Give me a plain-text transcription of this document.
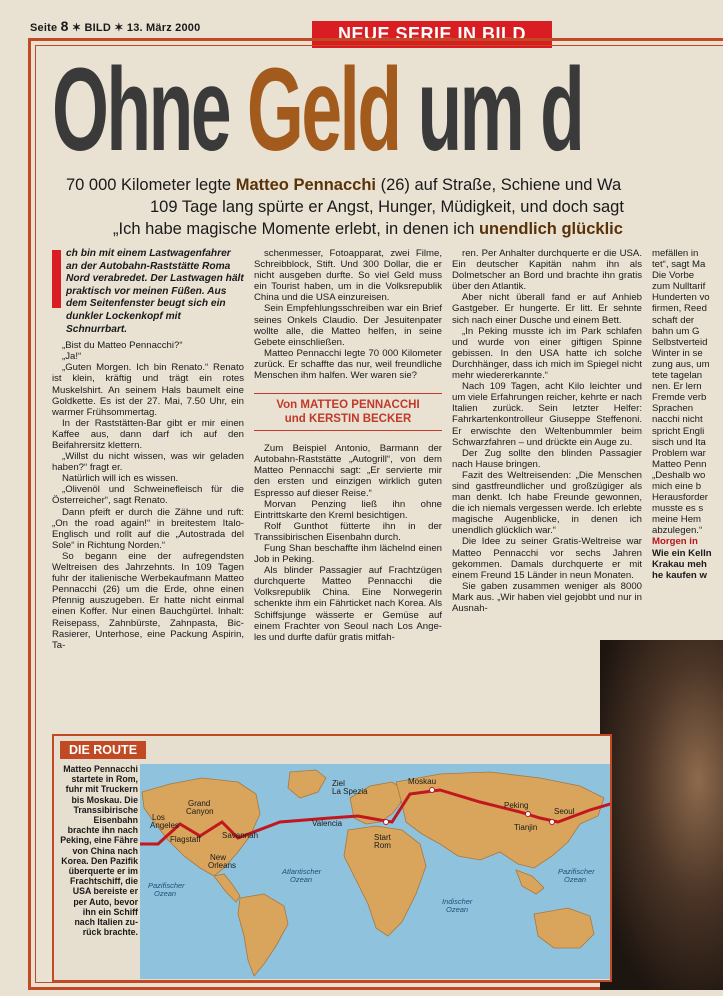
Seite 8 ✶ BILD ✶ 13. März 2000	NEUE SERIE IN BILD
Ohne Geld um d
70 000 Kilometer legte Matteo Pennacchi (26) auf Straße, Schiene und Wa
109 Tage lang spürte er Angst, Hunger, Müdigkeit, und doch sagt
„Ich habe magische Momente erlebt, in denen ich unendlich glücklic
ch bin mit einem Lastwagenfahrer an der Autobahn-Raststätte Roma Nord verabredet. Der Lastwagen hält praktisch vor meinen Füßen. Aus dem Seitenfenster beugt sich ein dunkler Lockenkopf mit Schnurrbart.

„Bist du Matteo Pennacchi?“

„Ja!“

„Guten Morgen. Ich bin Renato.“ Renato ist klein, kräftig und trägt ein rotes Muskelshirt. An seinem Hals baumelt eine Goldkette. Es ist der 27. Mai, 7.50 Uhr, ein warmer Frühsommertag.

In der Raststätten-Bar gibt er mir einen Kaffee aus, dann darf ich auf den Beifahrersitz klettern.

„Willst du nicht wissen, was wir geladen haben?“ fragt er.

Natürlich will ich es wissen.

„Olivenöl und Schweinefleisch für die Österreicher“, sagt Renato.

Dann pfeift er durch die Zähne und ruft: „On the road again!“ in breitestem Italo-Englisch und rollt auf die „Autostrada del Sole“ in Richtung Norden.“

So begann eine der aufregendsten Weltreisen des Jahrzehnts. In 109 Tagen fuhr der italienische Werbekaufmann Matteo Pennacchi (26) um die Erde, ohne einen Pfennig auszugeben. Er hatte nicht einmal einen Koffer. Nur einen Bauchgürtel. Inhalt: Reisepass, Zahnbürste, Zahnpasta, Bic-Rasierer, Unterhose, eine Packung Aspirin, Ta-

schenmesser, Fotoapparat, zwei Filme, Schreibblock, Stift. Und 300 Dollar, die er nicht ausgeben durfte. So viel Geld muss ein Tourist haben, um in die Volksrepublik China und die USA einzureisen.

Sein Empfehlungsschreiben war ein Brief seines Onkels Claudio. Der Jesuitenpater wollte alle, die Matteo helfen, in seine Gebete einschließen.

Matteo Pennacchi legte 70 000 Kilometer zurück. Er schaffte das nur, weil freundliche Menschen ihm halfen. Wer waren sie?

Von MATTEO PENNACCHI
und KERSTIN BECKER

Zum Beispiel Antonio, Barmann der Autobahn-Raststätte „Autogrill“, von dem Matteo Pennacchi sagt: „Er servierte mir den ersten und einzigen wirklich guten Espresso auf dieser Reise.“

Morvan Penzing ließ ihn ohne Eintrittskarte den Kreml besichtigen.

Rolf Gunthot fütterte ihn in der Transsibirischen Eisenbahn durch.

Fung Shan beschaffte ihm lächelnd einen Job in Peking.

Als blinder Passagier auf Frachtzügen durchquerte Matteo Pennacchi die Volksrepublik China. Eine Norwegerin schenkte ihm ein Fährticket nach Korea. Als Schiffsjunge wässerte er Gemüse auf einem Frachter von Seoul nach Los Angeles und durfte dafür gratis mitfah-

ren. Per Anhalter durchquerte er die USA. Ein deutscher Kapitän nahm ihn als Dolmetscher an Bord und brachte ihn gratis über den Atlantik.

Aber nicht überall fand er auf Anhieb Gastgeber. Er hungerte. Er litt. Er sehnte sich nach einer Dusche und einem Bett.

„In Peking musste ich im Park schlafen und wurde von einer giftigen Spinne gebissen. In den USA hatte ich solche Durchhänger, dass ich mich im Spiegel nicht mehr wiedererkannte.“

Nach 109 Tagen, acht Kilo leichter und um viele Erfahrungen reicher, kehrte er nach Italien zurück. Sein letzter Helfer: Fahrkartenkontrolleur Giuseppe Steffenoni. Er erwischte den Weltenbummler beim Schwarzfahren – und drückte ein Auge zu.

Der Zug sollte den blinden Passagier nach Hause bringen.

Fazit des Weltreisenden: „Die Menschen sind gastfreundlicher und großzügiger als man denkt. Ich habe Freunde gewonnen, die ich niemals vergessen werde. Ich erlebte magische Augenblicke, in denen ich unendlich glücklich war.“

Die Idee zu seiner Gratis-Weltreise war Matteo Pennacchi vor sechs Jahren gekommen. Damals durchquerte er mit einem Freund 15 Länder in neun Monaten.

Sie gaben zusammen weniger als 8000 Mark aus. „Wir haben viel gejobbt und nur in Ausnah-

mefällen in
tet“, sagt Ma
Die Vorbe
zum Nulltarif
Hunderten vo
firmen, Reed
schaft der
bahn um G
Selbstverteid
Winter in se
zung aus, um
tete tagelan
nen. Er lern
Fremde verb
Sprachen
nacchi nicht
spricht Engli
sisch und Ita
Problem war
Matteo Penn
„Deshalb wo
mich eine b
Herausforder
musste es s
meine Hem
abzulegen.“
Morgen in
Wie ein Kelln
Krakau meh
he kaufen w
DIE ROUTE
Matteo Pennacchi startete in Rom, fuhr mit Truckern bis Moskau. Die Transsibirische Eisenbahn brachte ihn nach Peking, eine Fähre von China nach Korea. Den Pazifik überquerte er im Frachtschiff, die USA bereiste er per Auto, bevor ihn ein Schiff nach Italien zurück brachte.
Los
Angeles
Grand
Canyon
Flagstaff	Savannah
New
Orleans
Ziel
La Spezia
Moskau
Valencia
Start
Rom
Peking
Tianjin
Seoul
Pazifischer
Ozean
Atlantischer
Ozean
Indischer
Ozean
Pazifischer
Ozean
